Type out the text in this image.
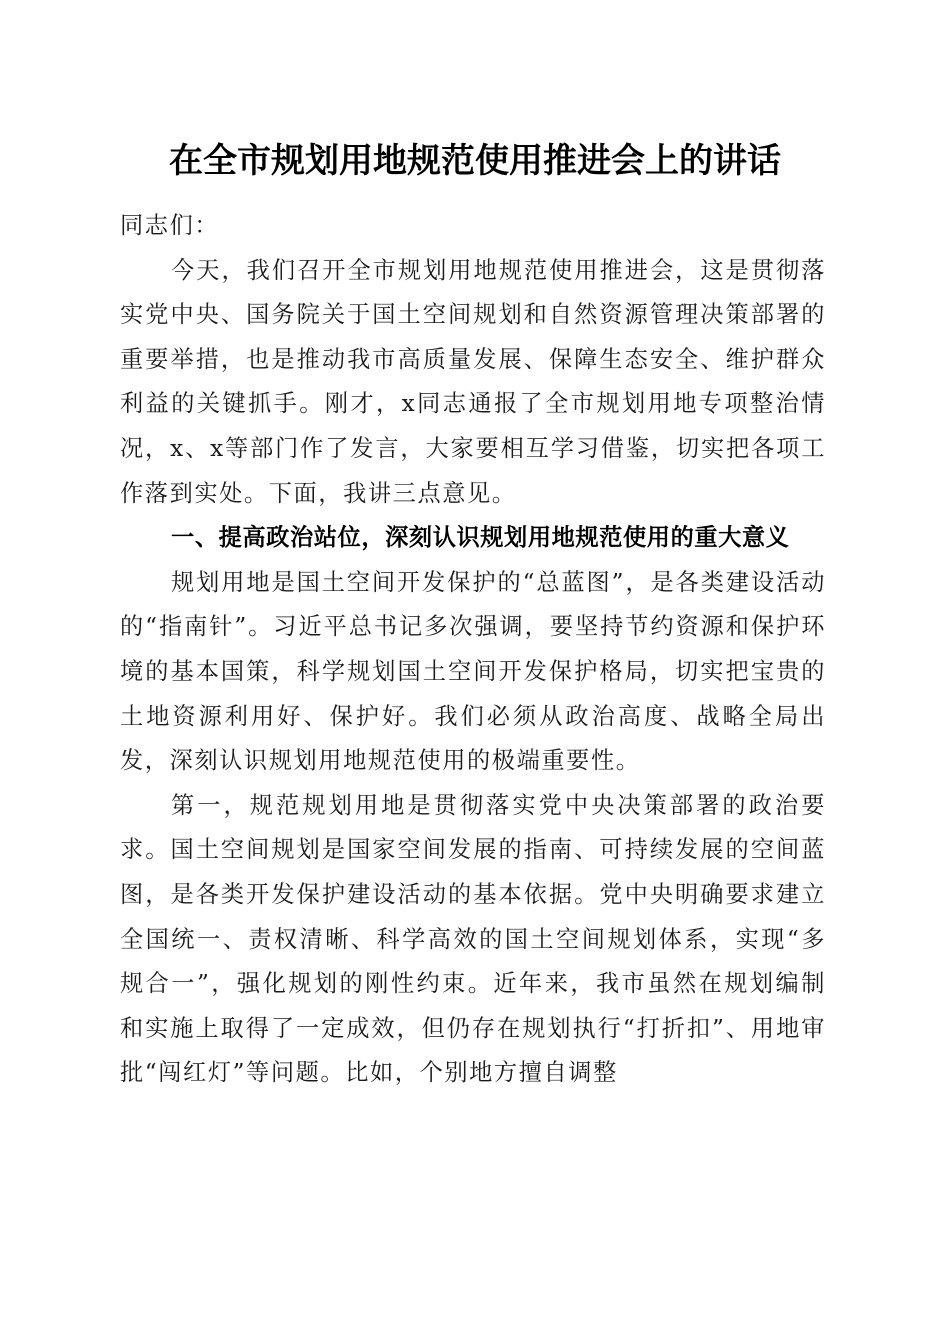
在全市规划用地规范使用推进会上的讲话

同志们：

今天，我们召开全市规划用地规范使用推进会，这是贯彻落实党中央、国务院关于国土空间规划和自然资源管理决策部署的重要举措，也是推动我市高质量发展、保障生态安全、维护群众利益的关键抓手。刚才，x同志通报了全市规划用地专项整治情况，x、x等部门作了发言，大家要相互学习借鉴，切实把各项工作落到实处。下面，我讲三点意见。

一、提高政治站位，深刻认识规划用地规范使用的重大意义

规划用地是国土空间开发保护的“总蓝图”，是各类建设活动的“指南针”。习近平总书记多次强调，要坚持节约资源和保护环境的基本国策，科学规划国土空间开发保护格局，切实把宝贵的土地资源利用好、保护好。我们必须从政治高度、战略全局出发，深刻认识规划用地规范使用的极端重要性。

第一，规范规划用地是贯彻落实党中央决策部署的政治要求。国土空间规划是国家空间发展的指南、可持续发展的空间蓝图，是各类开发保护建设活动的基本依据。党中央明确要求建立全国统一、责权清晰、科学高效的国土空间规划体系，实现“多规合一”，强化规划的刚性约束。近年来，我市虽然在规划编制和实施上取得了一定成效，但仍存在规划执行“打折扣”、用地审批“闯红灯”等问题。比如，个别地方擅自调整
